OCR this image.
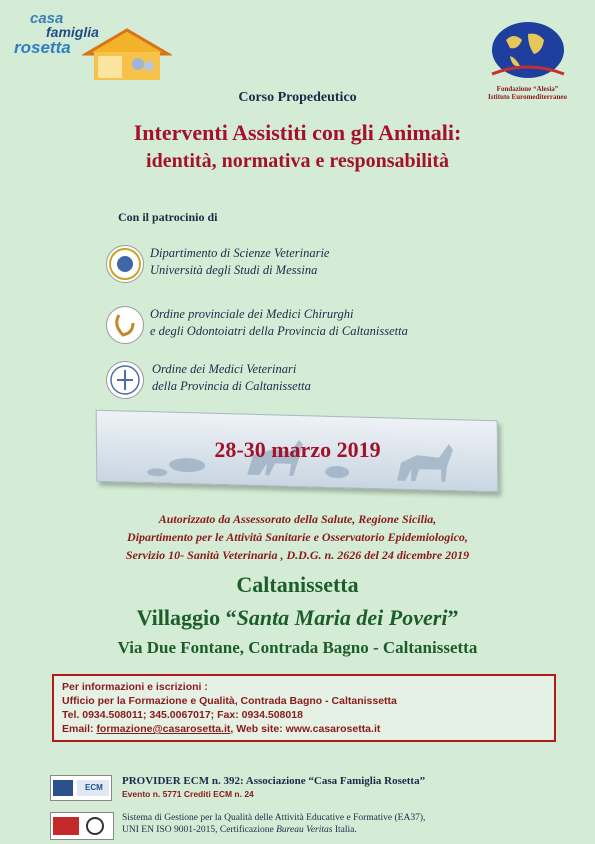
casa
famiglia
rosetta
Fondazione “Alesia”
Istituto Euromediterraneo
Corso Propedeutico
Interventi Assistiti con gli Animali:
identità, normativa e responsabilità
Con il patrocinio di
Dipartimento di Scienze Veterinarie
Università degli Studi di Messina
Ordine provinciale dei Medici Chirurghi
e degli Odontoiatri della Provincia di Caltanissetta
Ordine dei Medici Veterinari
della Provincia di Caltanissetta
28-30 marzo 2019
Autorizzato da Assessorato della Salute, Regione Sicilia,
Dipartimento per le Attività Sanitarie e Osservatorio Epidemiologico,
Servizio 10- Sanità Veterinaria , D.D.G. n. 2626 del 24 dicembre 2019
Caltanissetta
Villaggio “Santa Maria dei Poveri”
Via Due Fontane, Contrada Bagno - Caltanissetta
Per informazioni e iscrizioni :
Ufficio per la Formazione e Qualità, Contrada Bagno - Caltanissetta
Tel. 0934.508011; 345.0067017; Fax: 0934.508018
Email: formazione@casarosetta.it, Web site: www.casarosetta.it
ECM
PROVIDER ECM n. 392: Associazione “Casa Famiglia Rosetta”
Evento n. 5771 Crediti ECM n. 24
Sistema di Gestione per la Qualità delle Attività Educative e Formative (EA37),
UNI EN ISO 9001-2015, Certificazione Bureau Veritas Italia.
